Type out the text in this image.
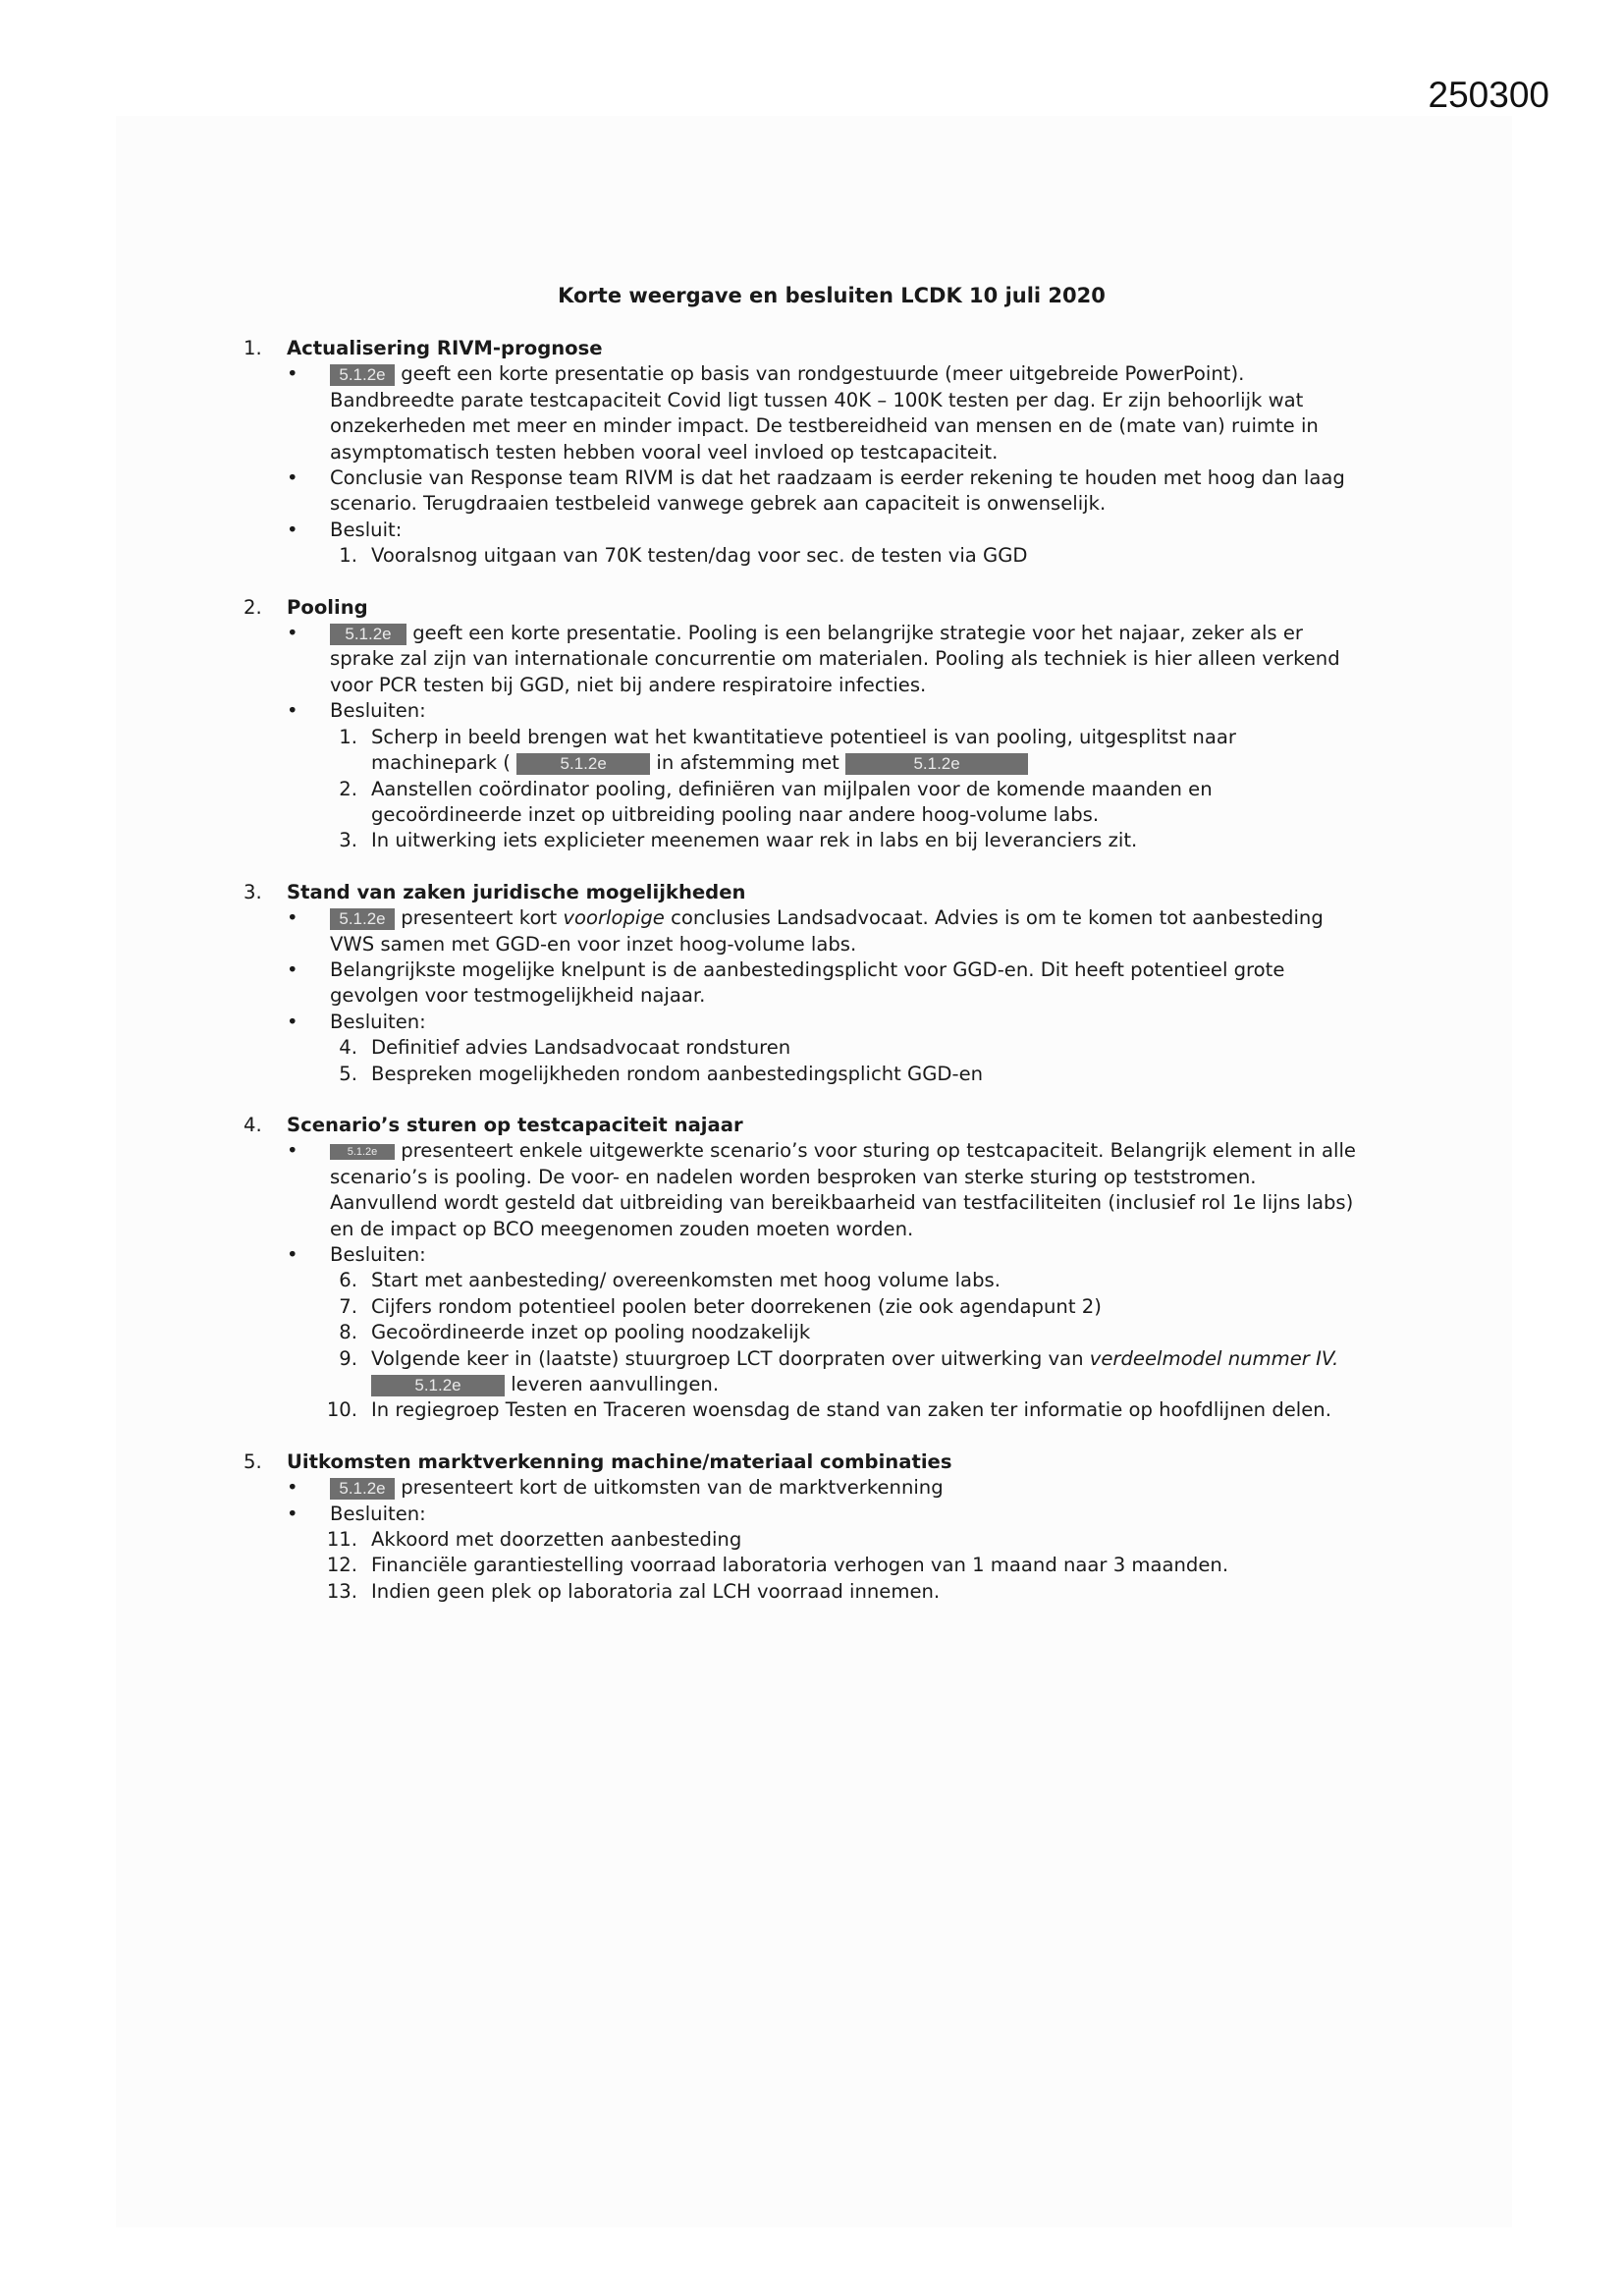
250300
Korte weergave en besluiten LCDK 10 juli 2020
1. Actualisering RIVM-prognose
• 5.1.2e geeft een korte presentatie op basis van rondgestuurde (meer uitgebreide PowerPoint). Bandbreedte parate testcapaciteit Covid ligt tussen 40K – 100K testen per dag. Er zijn behoorlijk wat onzekerheden met meer en minder impact. De testbereidheid van mensen en de (mate van) ruimte in asymptomatisch testen hebben vooral veel invloed op testcapaciteit.
• Conclusie van Response team RIVM is dat het raadzaam is eerder rekening te houden met hoog dan laag scenario. Terugdraaien testbeleid vanwege gebrek aan capaciteit is onwenselijk.
• Besluit:
1. Vooralsnog uitgaan van 70K testen/dag voor sec. de testen via GGD
2. Pooling
•	5.1.2e geeft een korte presentatie. Pooling is een belangrijke strategie voor het najaar, zeker als er sprake zal zijn van internationale concurrentie om materialen. Pooling als techniek is hier alleen verkend voor PCR testen bij GGD, niet bij andere respiratoire infecties.
• Besluiten:
1. Scherp in beeld brengen wat het kwantitatieve potentieel is van pooling, uitgesplitst naar machinepark (	5.1.2e	in afstemming met	5.1.2e
2. Aanstellen coördinator pooling, definiëren van mijlpalen voor de komende maanden en gecoördineerde inzet op uitbreiding pooling naar andere hoog-volume labs.
3. In uitwerking iets explicieter meenemen waar rek in labs en bij leveranciers zit.
3. Stand van zaken juridische mogelijkheden
• 5.1.2e presenteert kort voorlopige conclusies Landsadvocaat. Advies is om te komen tot aanbesteding VWS samen met GGD-en voor inzet hoog-volume labs.
• Belangrijkste mogelijke knelpunt is de aanbestedingsplicht voor GGD-en. Dit heeft potentieel grote gevolgen voor testmogelijkheid najaar.
• Besluiten:
4. Definitief advies Landsadvocaat rondsturen
5. Bespreken mogelijkheden rondom aanbestedingsplicht GGD-en
4. Scenario’s sturen op testcapaciteit najaar
•	5.1.2e presenteert enkele uitgewerkte scenario’s voor sturing op testcapaciteit. Belangrijk element in alle scenario’s is pooling. De voor- en nadelen worden besproken van sterke sturing op teststromen. Aanvullend wordt gesteld dat uitbreiding van bereikbaarheid van testfaciliteiten (inclusief rol 1e lijns labs) en de impact op BCO meegenomen zouden moeten worden.
• Besluiten:
6. Start met aanbesteding/ overeenkomsten met hoog volume labs.
7. Cijfers rondom potentieel poolen beter doorrekenen (zie ook agendapunt 2)
8. Gecoördineerde inzet op pooling noodzakelijk
9. Volgende keer in (laatste) stuurgroep LCT doorpraten over uitwerking van verdeelmodel nummer IV. 5.1.2e	leveren aanvullingen.
10. In regiegroep Testen en Traceren woensdag de stand van zaken ter informatie op hoofdlijnen delen.
5. Uitkomsten marktverkenning machine/materiaal combinaties
• 5.1.2e presenteert kort de uitkomsten van de marktverkenning
• Besluiten:
11. Akkoord met doorzetten aanbesteding
12. Financiële garantiestelling voorraad laboratoria verhogen van 1 maand naar 3 maanden.
13. Indien geen plek op laboratoria zal LCH voorraad innemen.
